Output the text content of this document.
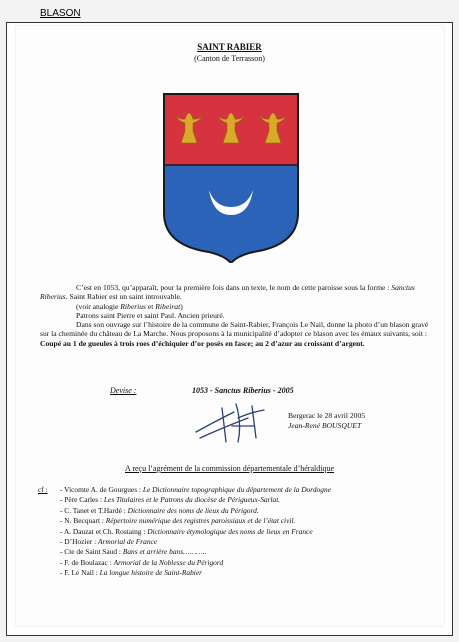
BLASON
SAINT RABIER
(Canton de Terrasson)

C’est en 1053, qu’apparaît, pour la première fois dans un texte, le nom de cette paroisse sous la forme : Sanctus Riberius. Saint Rabier est un saint introuvable.

(voir analogie Riberius et Ribeirat)

Patrons saint Pierre et saint Paul. Ancien prieuré.

Dans son ouvrage sur l’histoire de la commune de Saint-Rabier, François Le Nail, donne la photo d’un blason gravé sur la cheminée du château de La Marche. Nous proposons à la municipalité d’adopter ce blason avec les émaux suivants, soit : Coupé au 1 de gueules à trois roes d’échiquier d’or posés en fasce; au 2 d’azur au croissant d’argent.

Devise :	1053 - Sanctus Riberius - 2005
Bergerac le 28 avril 2005
Jean-René BOUSQUET
A reçu l’agrément de la commission départementale d’héraldique
cf : - Vicomte A. de Gourgues : Le Dictionnaire topographique du département de la Dordogne
- Père Carles : Les Titulaires et le Patrons du diocèse de Périgueux-Sarlat.
- C. Tanet et T.Hardé : Dictionnaire des noms de lieux du Périgord.
- N. Becquart : Répertoire numérique des registres paroissiaux et de l’état civil.
- A. Dauzat et Ch. Rostaing : Dictionnaire étymologique des noms de lieux en France
- D’Hozier : Armorial de France
- Cte de Saint Saud : Bans et arrière bans………..
- F. de Boulazac : Armorial de la Noblesse du Périgord
- F. Le Nail : La longue histoire de Saint-Rabier
